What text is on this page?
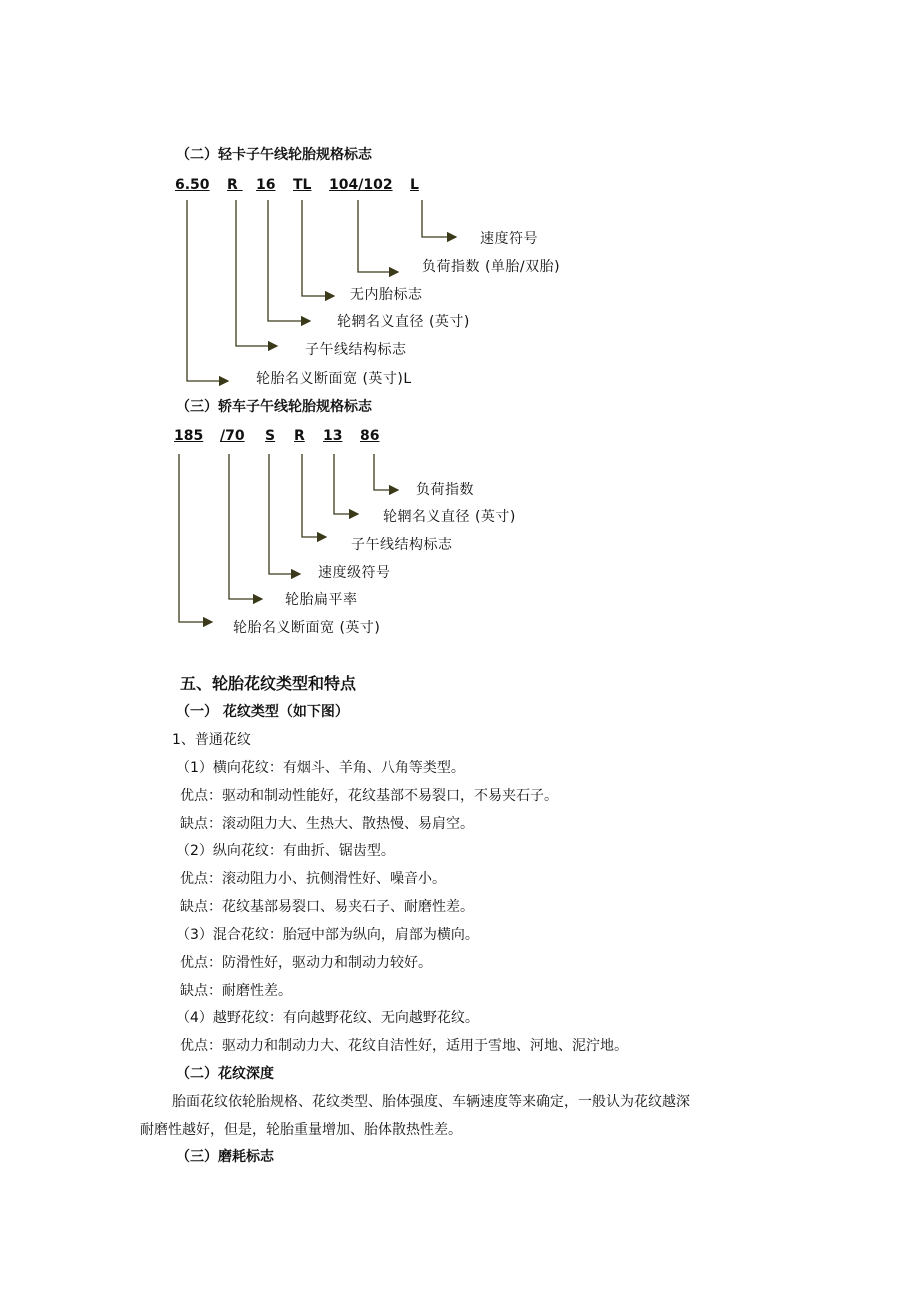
（二）轻卡子午线轮胎规格标志
6.50 R 16 TL 104/102 L
速度符号
负荷指数 (单胎/双胎)
无内胎标志
轮辋名义直径 (英寸)
子午线结构标志
轮胎名义断面宽 (英寸)L
（三）轿车子午线轮胎规格标志
185 /70 S R 13 86
负荷指数
轮辋名义直径 (英寸)
子午线结构标志
速度级符号
轮胎扁平率
轮胎名义断面宽 (英寸)
五、轮胎花纹类型和特点
（一） 花纹类型（如下图）
1、普通花纹
（1）横向花纹：有烟斗、羊角、八角等类型。
优点：驱动和制动性能好，花纹基部不易裂口，不易夹石子。
缺点：滚动阻力大、生热大、散热慢、易肩空。
（2）纵向花纹：有曲折、锯齿型。
优点：滚动阻力小、抗侧滑性好、噪音小。
缺点：花纹基部易裂口、易夹石子、耐磨性差。
（3）混合花纹：胎冠中部为纵向，肩部为横向。
优点：防滑性好，驱动力和制动力较好。
缺点：耐磨性差。
（4）越野花纹：有向越野花纹、无向越野花纹。
优点：驱动力和制动力大、花纹自洁性好，适用于雪地、河地、泥泞地。
（二）花纹深度
胎面花纹依轮胎规格、花纹类型、胎体强度、车辆速度等来确定，一般认为花纹越深
耐磨性越好，但是，轮胎重量增加、胎体散热性差。
（三）磨耗标志
